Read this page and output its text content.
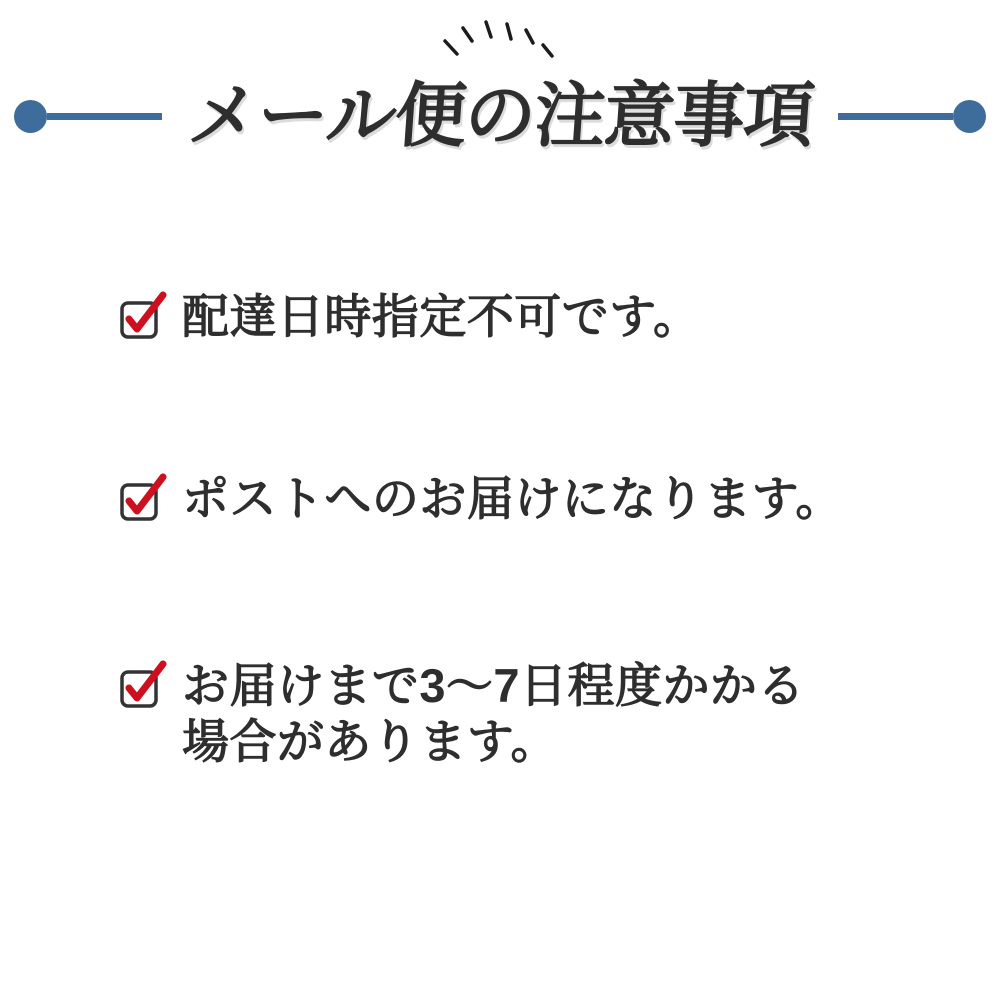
メール便の注意事項
配達日時指定不可です。
ポストへのお届けになります。
お届けまで3〜7日程度かかる
場合があります。
